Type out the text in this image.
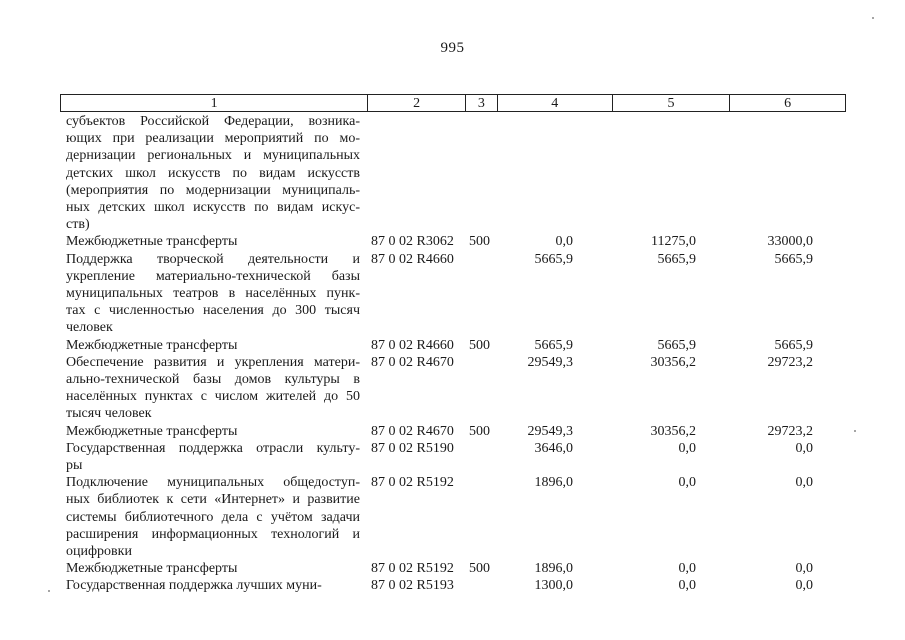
995
1	2	3	4	5	6
субъектов Российской Федерации, возника-
ющих при реализации мероприятий по мо-
дернизации региональных и муниципальных
детских школ искусств по видам искусств
(мероприятия по модернизации муниципаль-
ных детских школ искусств по видам искус-
ств)
Межбюджетные трансферты	87 0 02 R3062 500	0,0	11275,0	33000,0
Поддержка творческой деятельности и
укрепление материально-технической базы
муниципальных театров в населённых пунк-
тах с численностью населения до 300 тысяч
человек
87 0 02 R4660	5665,9	5665,9	5665,9
Межбюджетные трансферты	87 0 02 R4660 500	5665,9	5665,9	5665,9
Обеспечение развития и укрепления матери-
ально-технической базы домов культуры в
населённых пунктах с числом жителей до 50
тысяч человек
87 0 02 R4670	29549,3	30356,2	29723,2
Межбюджетные трансферты	87 0 02 R4670 500	29549,3	30356,2	29723,2
Государственная поддержка отрасли культу-
ры
87 0 02 R5190	3646,0	0,0	0,0
Подключение муниципальных общедоступ-
ных библиотек к сети «Интернет» и развитие
системы библиотечного дела с учётом задачи
расширения информационных технологий и
оцифровки
87 0 02 R5192	1896,0	0,0	0,0
Межбюджетные трансферты	87 0 02 R5192 500	1896,0	0,0	0,0
Государственная поддержка лучших муни-	87 0 02 R5193	1300,0	0,0	0,0
